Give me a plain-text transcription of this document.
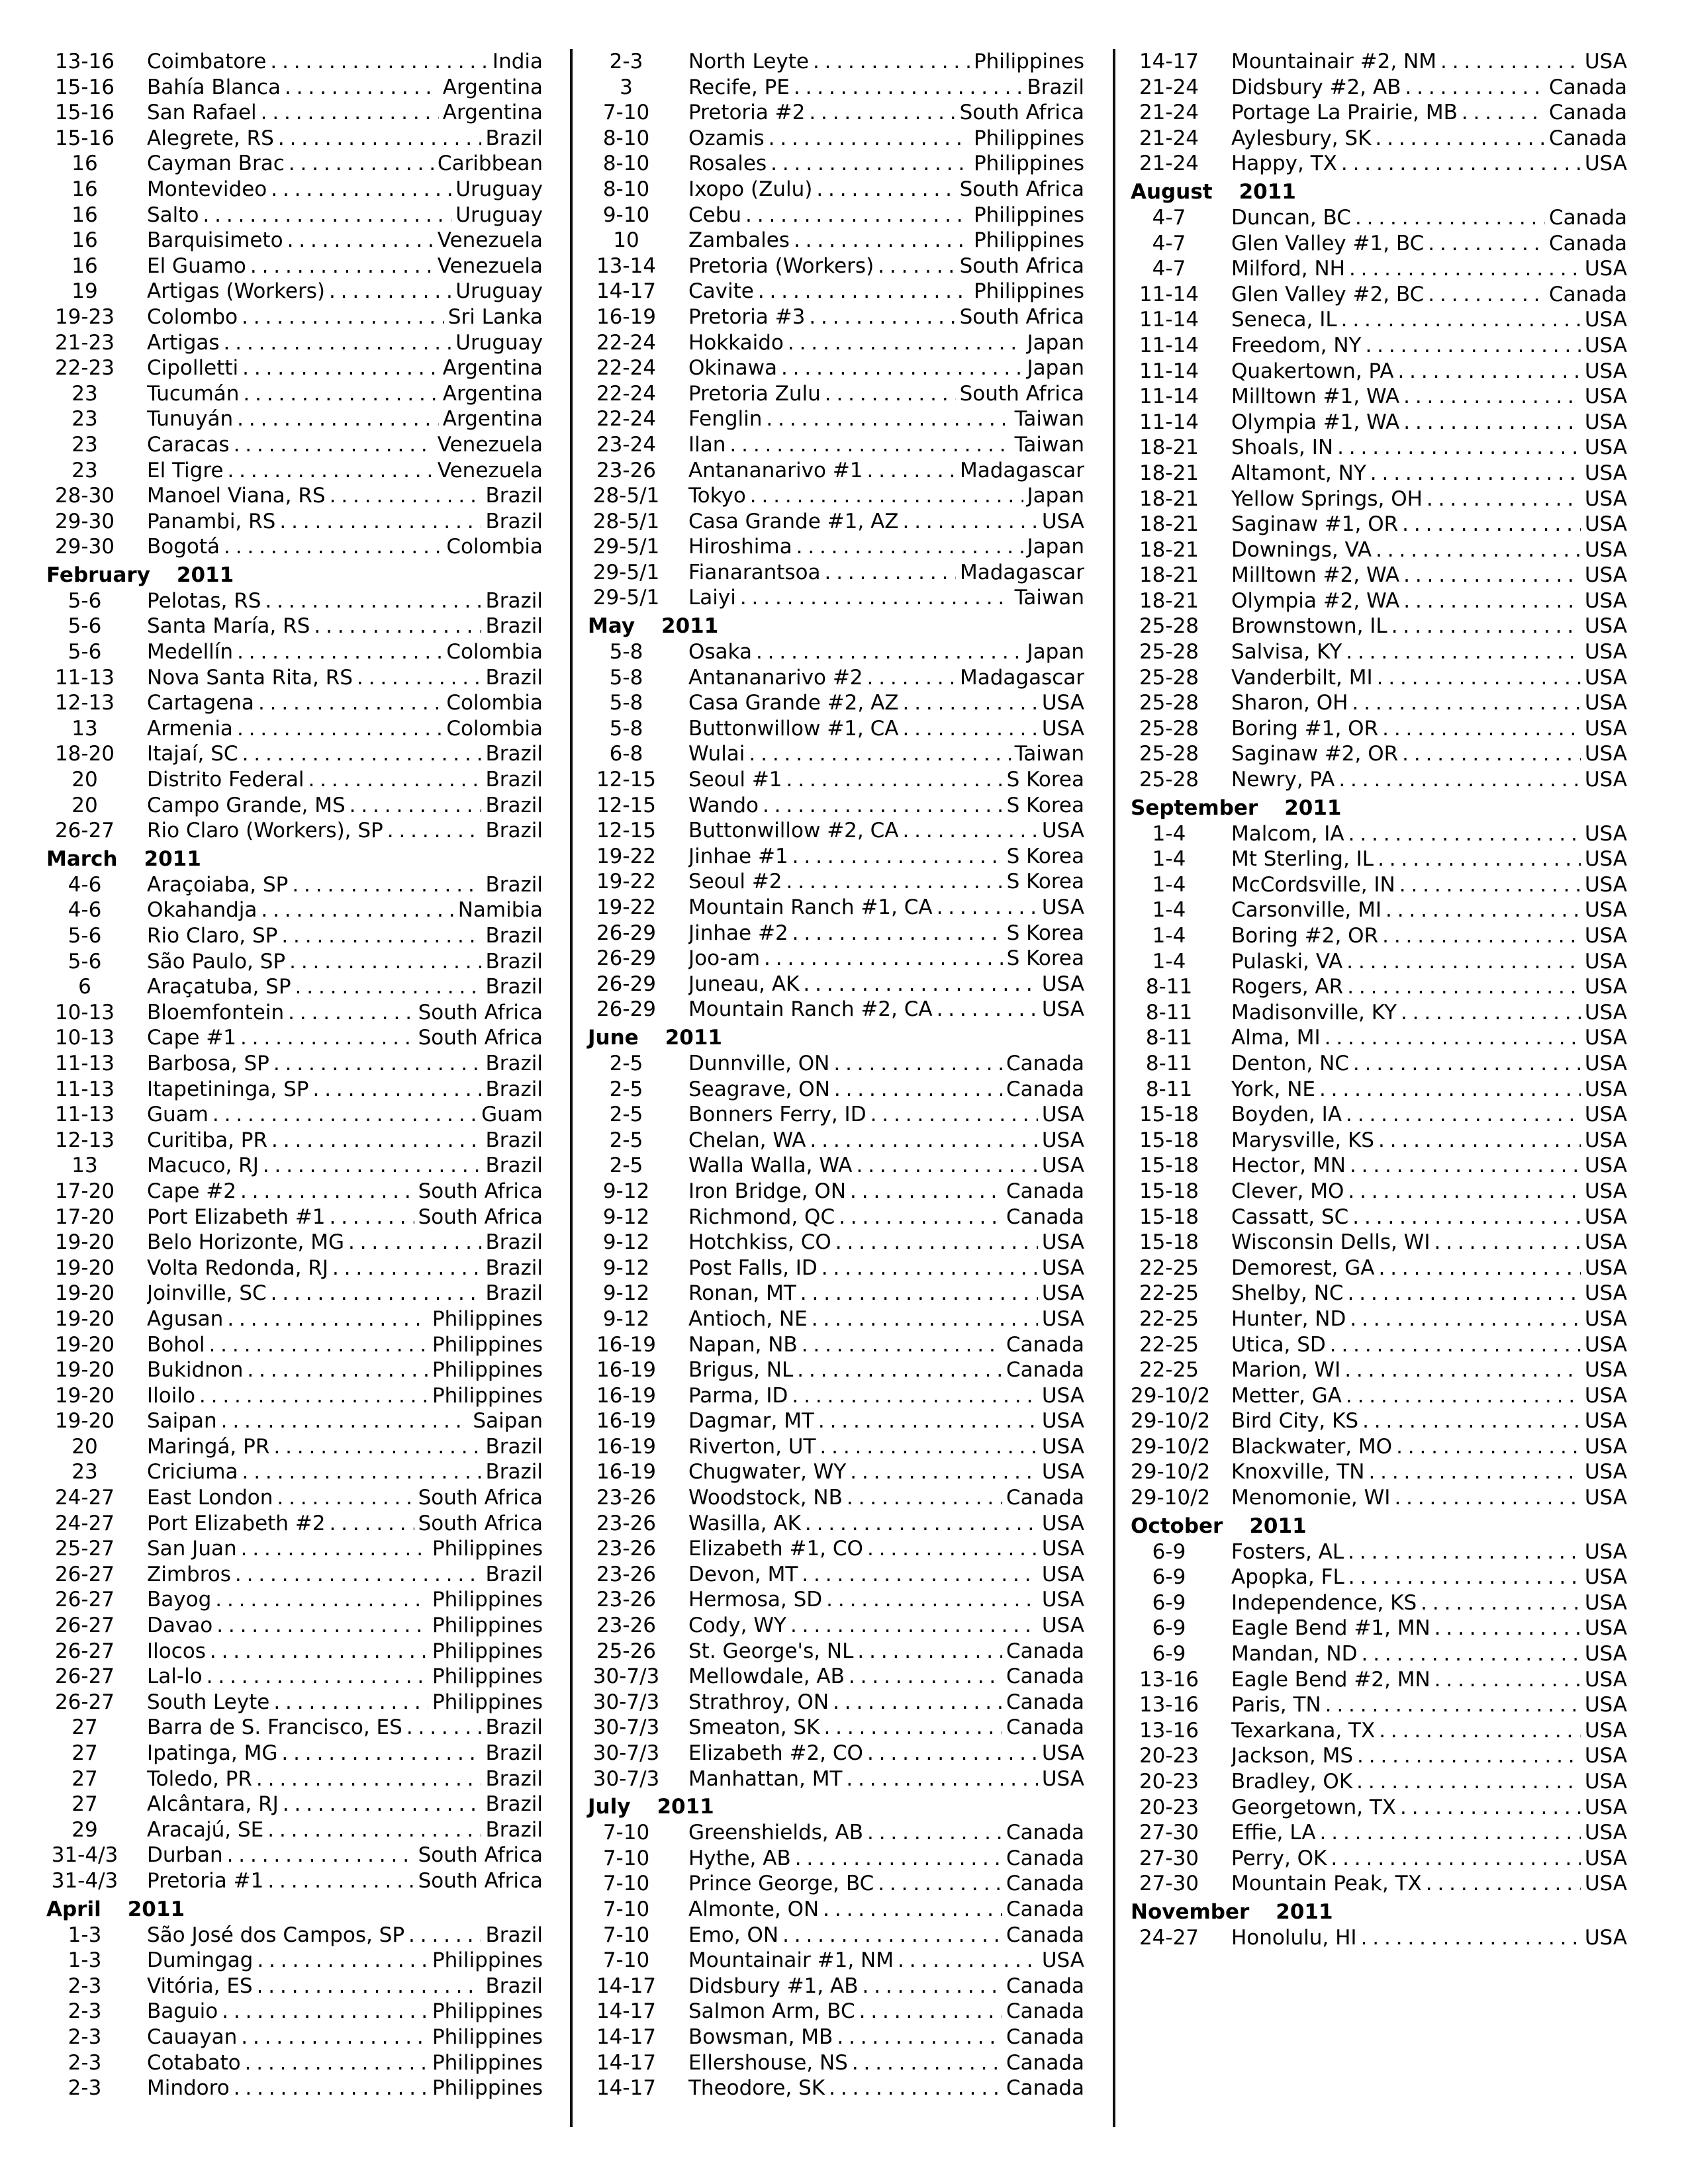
13-16	Coimbatore . . .	India
15-16	Bahía Blanca . . .	Argentina
15-16	San Rafael . . .	Argentina
15-16	Alegrete, RS . . .	Brazil
16	Cayman Brac . . .	Caribbean
16	Montevideo . . .	Uruguay
16	Salto . . .	Uruguay
16	Barquisimeto . . .	Venezuela
16	El Guamo . . .	Venezuela
19	Artigas (Workers) . . .	Uruguay
19-23	Colombo . . .	Sri Lanka
21-23	Artigas . . .	Uruguay
22-23	Cipolletti . . .	Argentina
23	Tucumán . . .	Argentina
23	Tunuyán . . .	Argentina
23	Caracas . . .	Venezuela
23	El Tigre . . .	Venezuela
28-30	Manoel Viana, RS . . .	Brazil
29-30	Panambi, RS . . .	Brazil
29-30	Bogotá . . .	Colombia
February 2011
5-6	Pelotas, RS . . .	Brazil
5-6	Santa María, RS . . .	Brazil
5-6	Medellín . . .	Colombia
11-13	Nova Santa Rita, RS . . .	Brazil
12-13	Cartagena . . .	Colombia
13	Armenia . . .	Colombia
18-20	Itajaí, SC . . .	Brazil
20	Distrito Federal . . .	Brazil
20	Campo Grande, MS . . .	Brazil
26-27	Rio Claro (Workers), SP . . .	Brazil
March 2011
4-6	Araçoiaba, SP . . .	Brazil
4-6	Okahandja . . .	Namibia
5-6	Rio Claro, SP . . .	Brazil
5-6	São Paulo, SP . . .	Brazil
6	Araçatuba, SP . . .	Brazil
10-13	Bloemfontein . . .	South Africa
10-13	Cape #1 . . .	South Africa
11-13	Barbosa, SP . . .	Brazil
11-13	Itapetininga, SP . . .	Brazil
11-13	Guam . . .	Guam
12-13	Curitiba, PR . . .	Brazil
13	Macuco, RJ . . .	Brazil
17-20	Cape #2 . . .	South Africa
17-20	Port Elizabeth #1 . . .	South Africa
19-20	Belo Horizonte, MG . . .	Brazil
19-20	Volta Redonda, RJ . . .	Brazil
19-20	Joinville, SC . . .	Brazil
19-20	Agusan . . .	Philippines
19-20	Bohol . . .	Philippines
19-20	Bukidnon . . .	Philippines
19-20	Iloilo . . .	Philippines
19-20	Saipan . . .	Saipan
20	Maringá, PR . . .	Brazil
23	Criciuma . . .	Brazil
24-27	East London . . .	South Africa
24-27	Port Elizabeth #2 . . .	South Africa
25-27	San Juan . . .	Philippines
26-27	Zimbros . . .	Brazil
26-27	Bayog . . .	Philippines
26-27	Davao . . .	Philippines
26-27	Ilocos . . .	Philippines
26-27	Lal-lo . . .	Philippines
26-27	South Leyte . . .	Philippines
27	Barra de S. Francisco, ES . . .	Brazil
27	Ipatinga, MG . . .	Brazil
27	Toledo, PR . . .	Brazil
27	Alcântara, RJ . . .	Brazil
29	Aracajú, SE . . .	Brazil
31-4/3 Durban . . .	South Africa
31-4/3 Pretoria #1 . . .	South Africa
April 2011
1-3	São José dos Campos, SP . . .	Brazil
1-3	Dumingag . . .	Philippines
2-3	Vitória, ES . . .	Brazil
2-3	Baguio . . .	Philippines
2-3	Cauayan . . .	Philippines
2-3	Cotabato . . .	Philippines
2-3	Mindoro . . .	Philippines
2-3	North Leyte . . .	Philippines
3	Recife, PE . . .	Brazil
7-10	Pretoria #2 . . .	South Africa
8-10	Ozamis . . .	Philippines
8-10	Rosales . . .	Philippines
8-10	Ixopo (Zulu) . . .	South Africa
9-10	Cebu . . .	Philippines
10	Zambales . . .	Philippines
13-14	Pretoria (Workers) . . .	South Africa
14-17	Cavite . . .	Philippines
16-19	Pretoria #3 . . .	South Africa
22-24	Hokkaido . . .	Japan
22-24	Okinawa . . .	Japan
22-24	Pretoria Zulu . . .	South Africa
22-24	Fenglin . . .	Taiwan
23-24	Ilan . . .	Taiwan
23-26	Antananarivo #1 . . .	Madagascar
28-5/1 Tokyo . . .	Japan
28-5/1 Casa Grande #1, AZ . . .	USA
29-5/1 Hiroshima . . .	Japan
29-5/1 Fianarantsoa . . .	Madagascar
29-5/1 Laiyi . . .	Taiwan
May 2011
5-8	Osaka . . .	Japan
5-8	Antananarivo #2 . . .	Madagascar
5-8	Casa Grande #2, AZ . . .	USA
5-8	Buttonwillow #1, CA . . .	USA
6-8	Wulai . . .	Taiwan
12-15	Seoul #1 . . .	S Korea
12-15	Wando . . .	S Korea
12-15	Buttonwillow #2, CA . . .	USA
19-22	Jinhae #1 . . .	S Korea
19-22	Seoul #2 . . .	S Korea
19-22	Mountain Ranch #1, CA . . .	USA
26-29	Jinhae #2 . . .	S Korea
26-29	Joo-am . . .	S Korea
26-29	Juneau, AK . . .	USA
26-29	Mountain Ranch #2, CA . . .	USA
June 2011
2-5	Dunnville, ON . . .	Canada
2-5	Seagrave, ON . . .	Canada
2-5	Bonners Ferry, ID . . .	USA
2-5	Chelan, WA . . .	USA
2-5	Walla Walla, WA . . .	USA
9-12	Iron Bridge, ON . . .	Canada
9-12	Richmond, QC . . .	Canada
9-12	Hotchkiss, CO . . .	USA
9-12	Post Falls, ID . . .	USA
9-12	Ronan, MT . . .	USA
9-12	Antioch, NE . . .	USA
16-19	Napan, NB . . .	Canada
16-19	Brigus, NL . . .	Canada
16-19	Parma, ID . . .	USA
16-19	Dagmar, MT . . .	USA
16-19	Riverton, UT . . .	USA
16-19	Chugwater, WY . . .	USA
23-26	Woodstock, NB . . .	Canada
23-26	Wasilla, AK . . .	USA
23-26	Elizabeth #1, CO . . .	USA
23-26	Devon, MT . . .	USA
23-26	Hermosa, SD . . .	USA
23-26	Cody, WY . . .	USA
25-26	St. George's, NL . . .	Canada
30-7/3 Mellowdale, AB . . .	Canada
30-7/3 Strathroy, ON . . .	Canada
30-7/3 Smeaton, SK . . .	Canada
30-7/3 Elizabeth #2, CO . . .	USA
30-7/3 Manhattan, MT . . .	USA
July 2011
7-10	Greenshields, AB . . .	Canada
7-10	Hythe, AB . . .	Canada
7-10	Prince George, BC . . .	Canada
7-10	Almonte, ON . . .	Canada
7-10	Emo, ON . . .	Canada
7-10	Mountainair #1, NM . . .	USA
14-17	Didsbury #1, AB . . .	Canada
14-17	Salmon Arm, BC . . .	Canada
14-17	Bowsman, MB . . .	Canada
14-17	Ellershouse, NS . . .	Canada
14-17	Theodore, SK . . .	Canada
14-17	Mountainair #2, NM . . .	USA
21-24	Didsbury #2, AB . . .	Canada
21-24	Portage La Prairie, MB . . .	Canada
21-24	Aylesbury, SK . . .	Canada
21-24	Happy, TX . . .	USA
August 2011
4-7	Duncan, BC . . .	Canada
4-7	Glen Valley #1, BC . . .	Canada
4-7	Milford, NH . . .	USA
11-14	Glen Valley #2, BC . . .	Canada
11-14	Seneca, IL . . .	USA
11-14	Freedom, NY . . .	USA
11-14	Quakertown, PA . . .	USA
11-14	Milltown #1, WA . . .	USA
11-14	Olympia #1, WA . . .	USA
18-21	Shoals, IN . . .	USA
18-21	Altamont, NY . . .	USA
18-21	Yellow Springs, OH . . .	USA
18-21	Saginaw #1, OR . . .	USA
18-21	Downings, VA . . .	USA
18-21	Milltown #2, WA . . .	USA
18-21	Olympia #2, WA . . .	USA
25-28	Brownstown, IL . . .	USA
25-28	Salvisa, KY . . .	USA
25-28	Vanderbilt, MI . . .	USA
25-28	Sharon, OH . . .	USA
25-28	Boring #1, OR . . .	USA
25-28	Saginaw #2, OR . . .	USA
25-28	Newry, PA . . .	USA
September 2011
1-4	Malcom, IA . . .	USA
1-4	Mt Sterling, IL . . .	USA
1-4	McCordsville, IN . . .	USA
1-4	Carsonville, MI . . .	USA
1-4	Boring #2, OR . . .	USA
1-4	Pulaski, VA . . .	USA
8-11	Rogers, AR . . .	USA
8-11	Madisonville, KY . . .	USA
8-11	Alma, MI . . .	USA
8-11	Denton, NC . . .	USA
8-11	York, NE . . .	USA
15-18	Boyden, IA . . .	USA
15-18	Marysville, KS . . .	USA
15-18	Hector, MN . . .	USA
15-18	Clever, MO . . .	USA
15-18	Cassatt, SC . . .	USA
15-18	Wisconsin Dells, WI . . .	USA
22-25	Demorest, GA . . .	USA
22-25	Shelby, NC . . .	USA
22-25	Hunter, ND . . .	USA
22-25	Utica, SD . . .	USA
22-25	Marion, WI . . .	USA
29-10/2 Metter, GA . . .	USA
29-10/2 Bird City, KS . . .	USA
29-10/2 Blackwater, MO . . .	USA
29-10/2 Knoxville, TN . . .	USA
29-10/2 Menomonie, WI . . .	USA
October 2011
6-9	Fosters, AL . . .	USA
6-9	Apopka, FL . . .	USA
6-9	Independence, KS . . .	USA
6-9	Eagle Bend #1, MN . . .	USA
6-9	Mandan, ND . . .	USA
13-16	Eagle Bend #2, MN . . .	USA
13-16	Paris, TN . . .	USA
13-16	Texarkana, TX . . .	USA
20-23	Jackson, MS . . .	USA
20-23	Bradley, OK . . .	USA
20-23	Georgetown, TX . . .	USA
27-30	Effie, LA . . .	USA
27-30	Perry, OK . . .	USA
27-30	Mountain Peak, TX . . .	USA
November 2011
24-27	Honolulu, HI . . .	USA
